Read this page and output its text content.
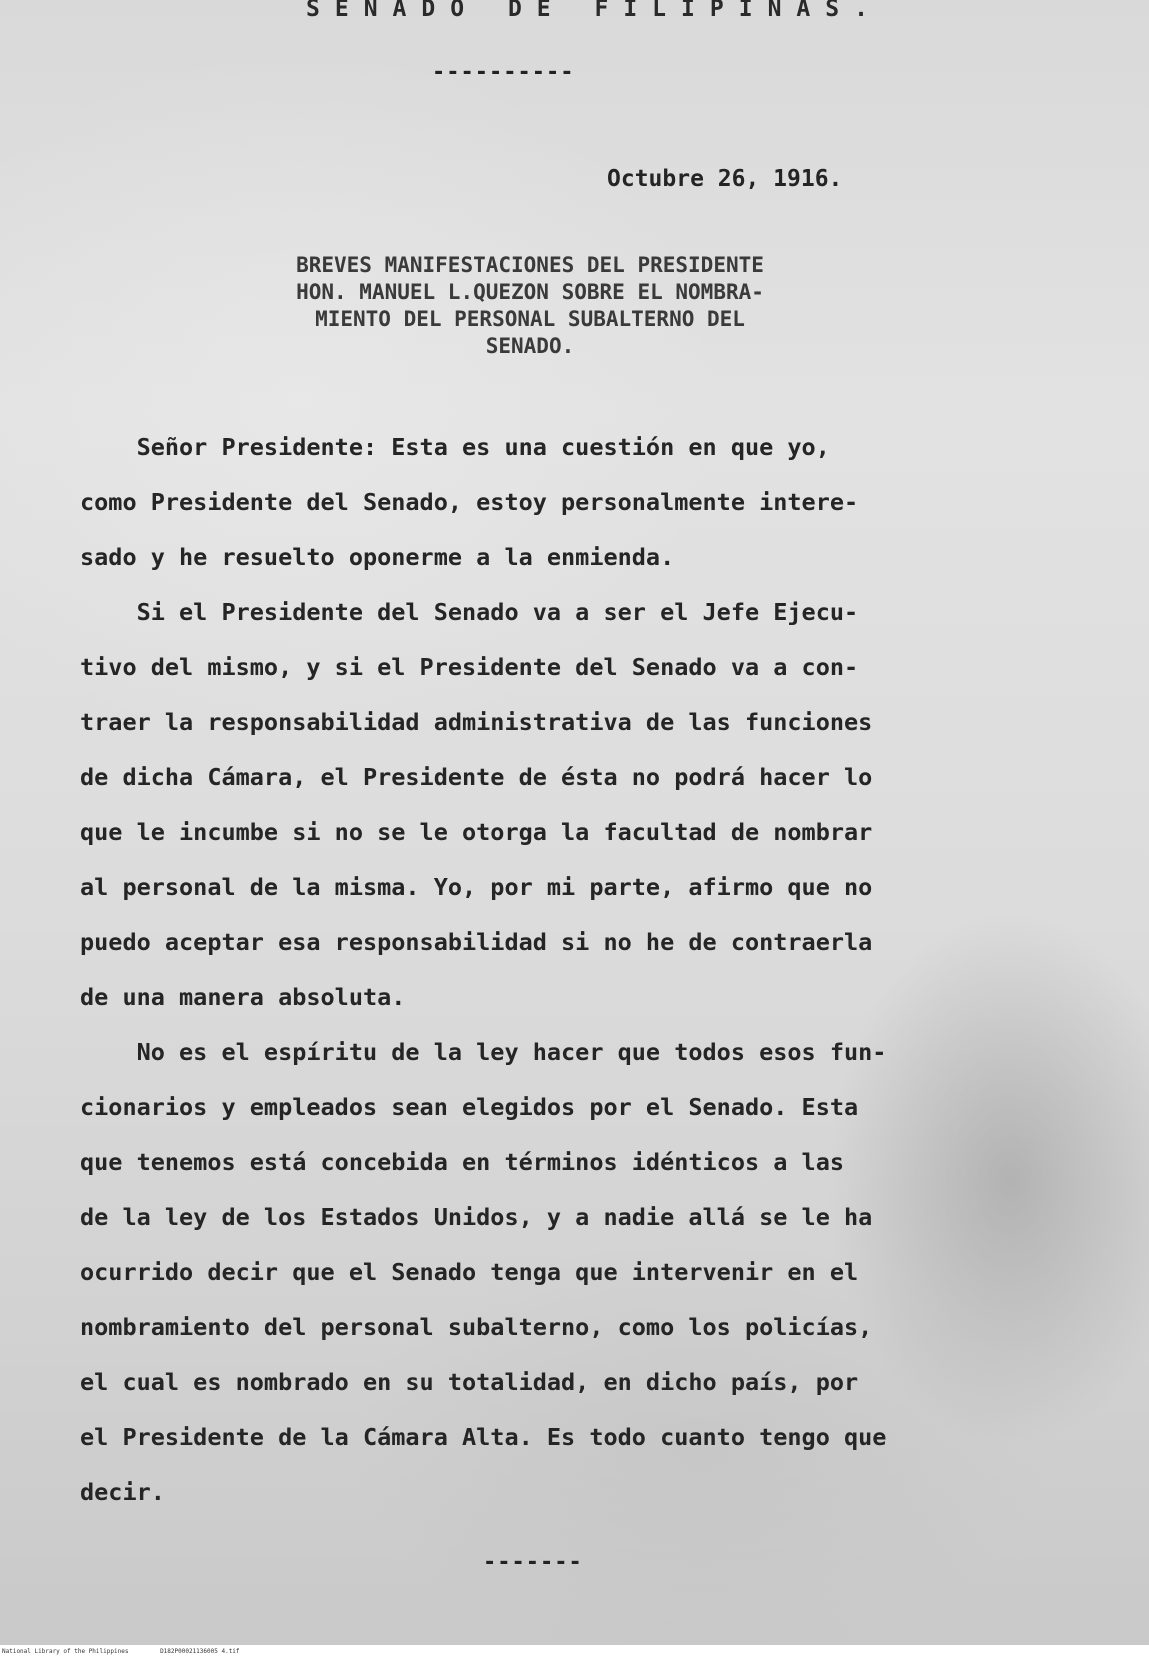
SENADO DE FILIPINAS.
----------
Octubre 26, 1916.
BREVES MANIFESTACIONES DEL PRESIDENTE
HON. MANUEL L.QUEZON SOBRE EL NOMBRA-
MIENTO DEL PERSONAL SUBALTERNO DEL
SENADO.
Señor Presidente: Esta es una cuestión en que yo,
como Presidente del Senado, estoy personalmente intere-
sado y he resuelto oponerme a la enmienda.
Si el Presidente del Senado va a ser el Jefe Ejecu-
tivo del mismo, y si el Presidente del Senado va a con-
traer la responsabilidad administrativa de las funciones
de dicha Cámara, el Presidente de ésta no podrá hacer lo
que le incumbe si no se le otorga la facultad de nombrar
al personal de la misma. Yo, por mi parte, afirmo que no
puedo aceptar esa responsabilidad si no he de contraerla
de una manera absoluta.
No es el espíritu de la ley hacer que todos esos fun-
cionarios y empleados sean elegidos por el Senado. Esta
que tenemos está concebida en términos idénticos a las
de la ley de los Estados Unidos, y a nadie allá se le ha
ocurrido decir que el Senado tenga que intervenir en el
nombramiento del personal subalterno, como los policías,
el cual es nombrado en su totalidad, en dicho país, por
el Presidente de la Cámara Alta. Es todo cuanto tengo que
decir.
-------
National Library of the Philippines	D182P00021136005 4.tif
